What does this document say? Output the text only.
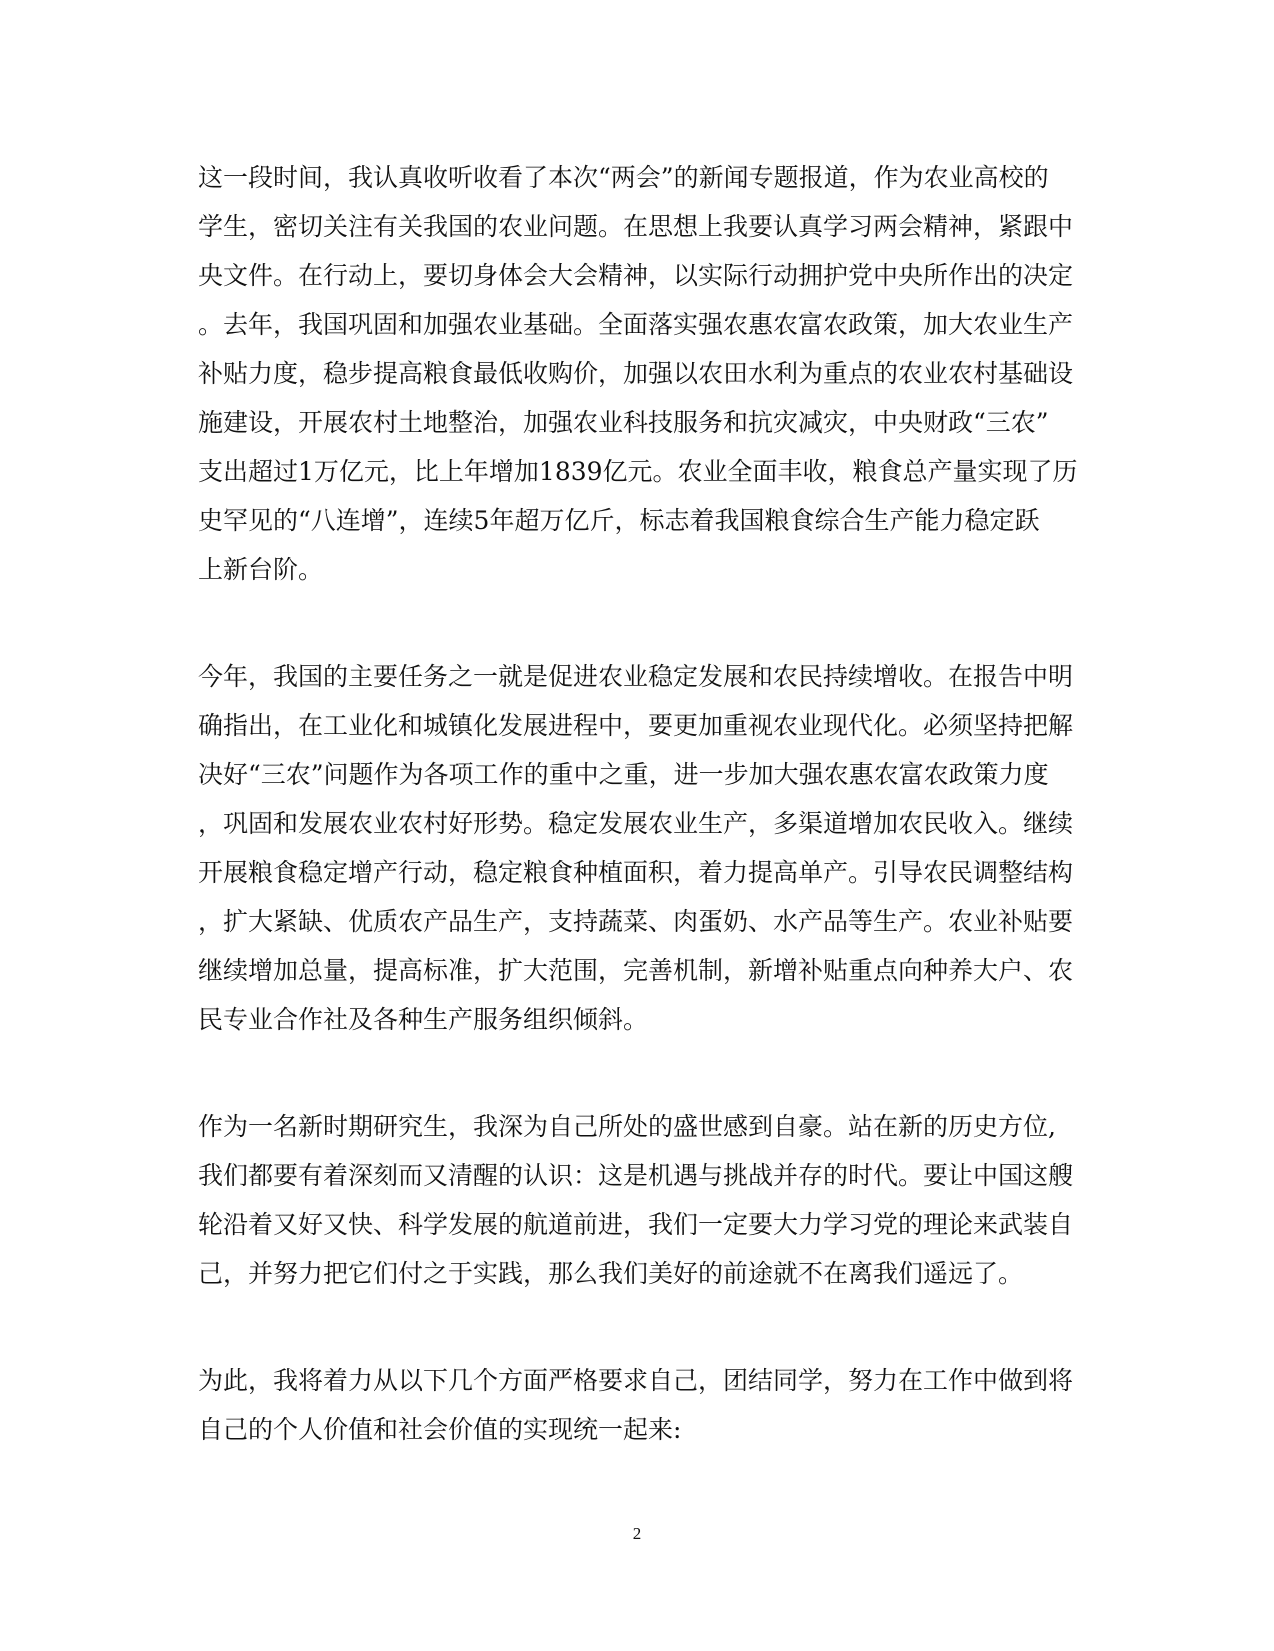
这一段时间，我认真收听收看了本次“两会”的新闻专题报道，作为农业高校的
学生，密切关注有关我国的农业问题。在思想上我要认真学习两会精神，紧跟中
央文件。在行动上，要切身体会大会精神，以实际行动拥护党中央所作出的决定
。去年，我国巩固和加强农业基础。全面落实强农惠农富农政策，加大农业生产
补贴力度，稳步提高粮食最低收购价，加强以农田水利为重点的农业农村基础设
施建设，开展农村土地整治，加强农业科技服务和抗灾减灾，中央财政“三农”
支出超过1万亿元，比上年增加1839亿元。农业全面丰收，粮食总产量实现了历
史罕见的“八连增”，连续5年超万亿斤，标志着我国粮食综合生产能力稳定跃
上新台阶。

今年，我国的主要任务之一就是促进农业稳定发展和农民持续增收。在报告中明
确指出，在工业化和城镇化发展进程中，要更加重视农业现代化。必须坚持把解
决好“三农”问题作为各项工作的重中之重，进一步加大强农惠农富农政策力度
，巩固和发展农业农村好形势。稳定发展农业生产，多渠道增加农民收入。继续
开展粮食稳定增产行动，稳定粮食种植面积，着力提高单产。引导农民调整结构
，扩大紧缺、优质农产品生产，支持蔬菜、肉蛋奶、水产品等生产。农业补贴要
继续增加总量，提高标准，扩大范围，完善机制，新增补贴重点向种养大户、农
民专业合作社及各种生产服务组织倾斜。

作为一名新时期研究生，我深为自己所处的盛世感到自豪。站在新的历史方位,
我们都要有着深刻而又清醒的认识：这是机遇与挑战并存的时代。要让中国这艘
轮沿着又好又快、科学发展的航道前进，我们一定要大力学习党的理论来武装自
己，并努力把它们付之于实践，那么我们美好的前途就不在离我们遥远了。

为此，我将着力从以下几个方面严格要求自己，团结同学，努力在工作中做到将
自己的个人价值和社会价值的实现统一起来:

2
